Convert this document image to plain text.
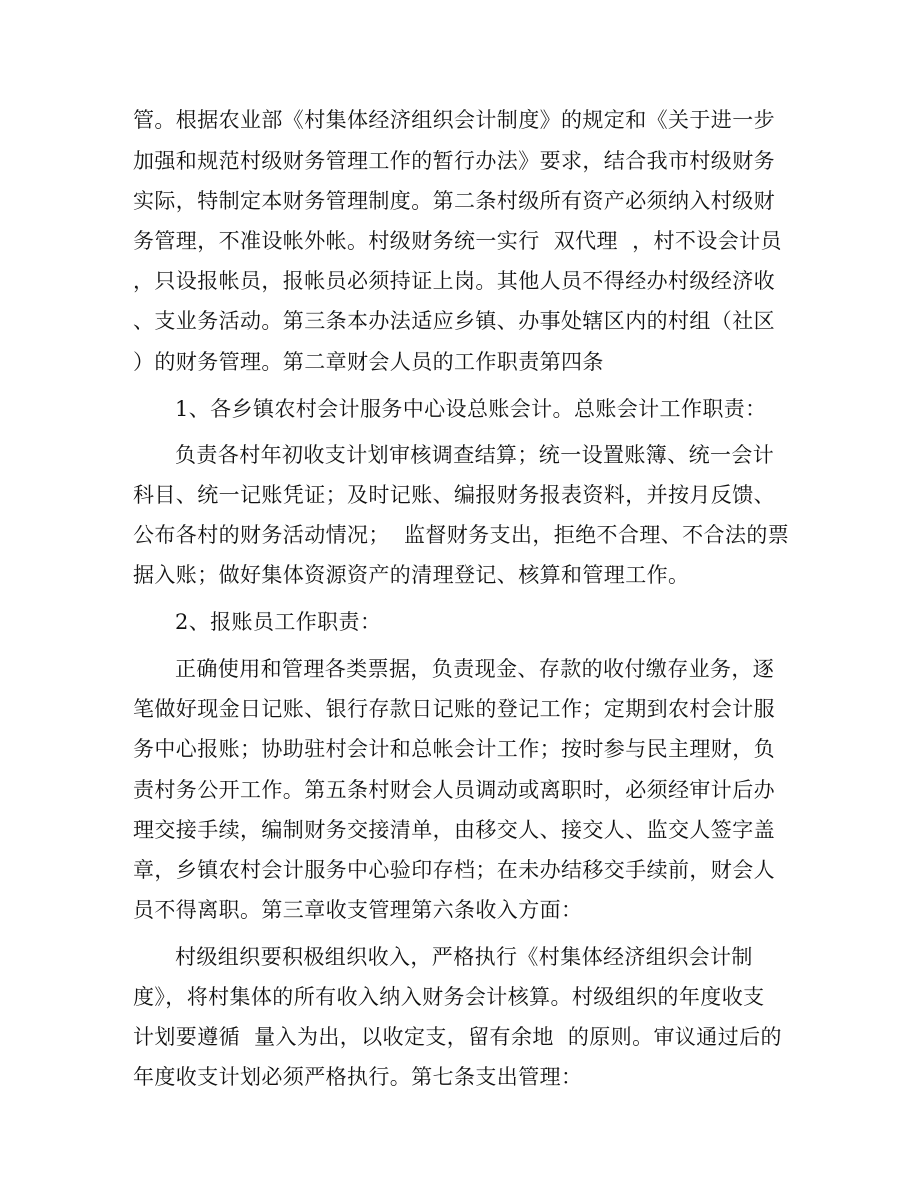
管。根据农业部《村集体经济组织会计制度》的规定和《关于进一步
加强和规范村级财务管理工作的暂行办法》要求，结合我市村级财务
实际，特制定本财务管理制度。第二条村级所有资产必须纳入村级财
务管理，不准设帐外帐。村级财务统一实行  双代理  ，村不设会计员
，只设报帐员，报帐员必须持证上岗。其他人员不得经办村级经济收
、支业务活动。第三条本办法适应乡镇、办事处辖区内的村组（社区
）的财务管理。第二章财会人员的工作职责第四条
1、各乡镇农村会计服务中心设总账会计。总账会计工作职责：
负责各村年初收支计划审核调查结算；统一设置账簿、统一会计
科目、统一记账凭证；及时记账、编报财务报表资料，并按月反馈、
公布各村的财务活动情况；  监督财务支出，拒绝不合理、不合法的票
据入账；做好集体资源资产的清理登记、核算和管理工作。
2、报账员工作职责：
正确使用和管理各类票据，负责现金、存款的收付缴存业务，逐
笔做好现金日记账、银行存款日记账的登记工作；定期到农村会计服
务中心报账；协助驻村会计和总帐会计工作；按时参与民主理财，负
责村务公开工作。第五条村财会人员调动或离职时，必须经审计后办
理交接手续，编制财务交接清单，由移交人、接交人、监交人签字盖
章，乡镇农村会计服务中心验印存档；在未办结移交手续前，财会人
员不得离职。第三章收支管理第六条收入方面：
村级组织要积极组织收入，严格执行《村集体经济组织会计制
度》，将村集体的所有收入纳入财务会计核算。村级组织的年度收支
计划要遵循  量入为出，以收定支，留有余地  的原则。审议通过后的
年度收支计划必须严格执行。第七条支出管理：
